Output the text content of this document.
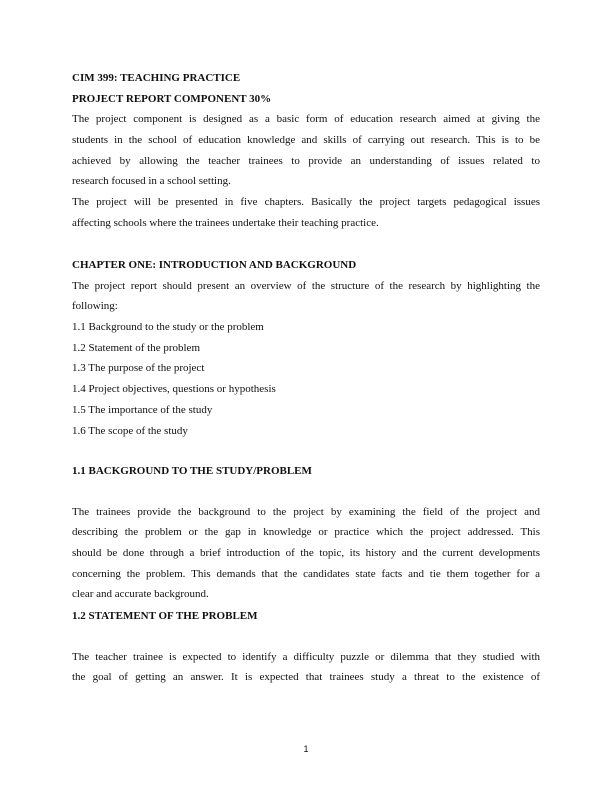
CIM 399: TEACHING PRACTICE
PROJECT REPORT COMPONENT 30%
The project component is designed as a basic form of education research aimed at giving the
students in the school of education knowledge and skills of carrying out research. This is to be
achieved by allowing the teacher trainees to provide an understanding of issues related to
research focused in a school setting.
The project will be presented in five chapters. Basically the project targets pedagogical issues
affecting schools where the trainees undertake their teaching practice.
CHAPTER ONE: INTRODUCTION AND BACKGROUND
The project report should present an overview of the structure of the research by highlighting the
following:
1.1 Background to the study or the problem
1.2 Statement of the problem
1.3 The purpose of the project
1.4 Project objectives, questions or hypothesis
1.5 The importance of the study
1.6 The scope of the study
1.1 BACKGROUND TO THE STUDY/PROBLEM
The trainees provide the background to the project by examining the field of the project and
describing the problem or the gap in knowledge or practice which the project addressed. This
should be done through a brief introduction of the topic, its history and the current developments
concerning the problem. This demands that the candidates state facts and tie them together for a
clear and accurate background.
1.2 STATEMENT OF THE PROBLEM
The teacher trainee is expected to identify a difficulty puzzle or dilemma that they studied with
the goal of getting an answer. It is expected that trainees study a threat to the existence of
1
